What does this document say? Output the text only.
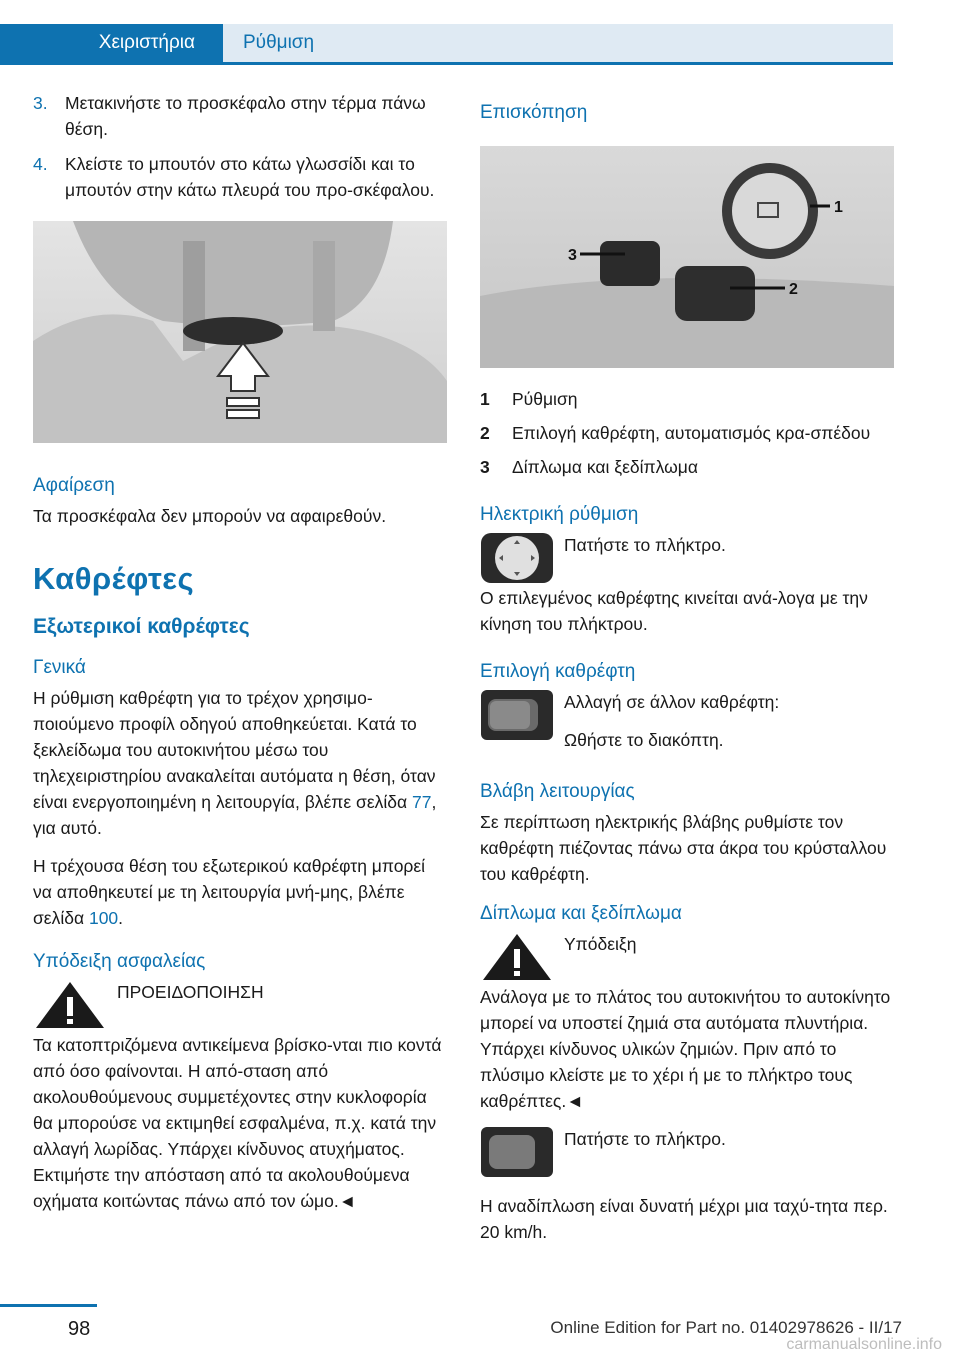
Χειριστήρια	Ρύθμιση
3. Μετακινήστε το προσκέφαλο στην τέρμα πάνω θέση.
4. Κλείστε το μπουτόν στο κάτω γλωσσίδι και το μπουτόν στην κάτω πλευρά του προ-σκέφαλου.
Αφαίρεση

Τα προσκέφαλα δεν μπορούν να αφαιρεθούν.

Καθρέφτες
Εξωτερικοί καθρέφτες
Γενικά

Η ρύθμιση καθρέφτη για το τρέχον χρησιμο-ποιούμενο προφίλ οδηγού αποθηκεύεται. Κατά το ξεκλείδωμα του αυτοκινήτου μέσω του τηλεχειριστηρίου ανακαλείται αυτόματα η θέση, όταν είναι ενεργοποιημένη η λειτουργία, βλέπε σελίδα 77, για αυτό.

Η τρέχουσα θέση του εξωτερικού καθρέφτη μπορεί να αποθηκευτεί με τη λειτουργία μνή-μης, βλέπε σελίδα 100.

Υπόδειξη ασφαλείας

ΠΡΟΕΙΔΟΠΟΙΗΣΗ

Τα κατοπτριζόμενα αντικείμενα βρίσκο-νται πιο κοντά από όσο φαίνονται. Η από-σταση από ακολουθούμενους συμμετέχοντες στην κυκλοφορία θα μπορούσε να εκτιμηθεί εσφαλμένα, π.χ. κατά την αλλαγή λωρίδας. Υπάρχει κίνδυνος ατυχήματος. Εκτιμήστε την απόσταση από τα ακολουθούμενα οχήματα κοιτώντας πάνω από τον ώμο.◄

Επισκόπηση
1
2
3
1	Ρύθμιση
2	Επιλογή καθρέφτη, αυτοματισμός κρα-σπέδου
3	Δίπλωμα και ξεδίπλωμα
Ηλεκτρική ρύθμιση

Πατήστε το πλήκτρο.

Ο επιλεγμένος καθρέφτης κινείται ανά-λογα με την κίνηση του πλήκτρου.

Επιλογή καθρέφτη

Αλλαγή σε άλλον καθρέφτη:

Ωθήστε το διακόπτη.

Βλάβη λειτουργίας

Σε περίπτωση ηλεκτρικής βλάβης ρυθμίστε τον καθρέφτη πιέζοντας πάνω στα άκρα του κρύσταλλου του καθρέφτη.

Δίπλωμα και ξεδίπλωμα

Υπόδειξη

Ανάλογα με το πλάτος του αυτοκινήτου το αυτοκίνητο μπορεί να υποστεί ζημιά στα αυτόματα πλυντήρια. Υπάρχει κίνδυνος υλικών ζημιών. Πριν από το πλύσιμο κλείστε με το χέρι ή με το πλήκτρο τους καθρέπτες.◄

Πατήστε το πλήκτρο.

Η αναδίπλωση είναι δυνατή μέχρι μια ταχύ-τητα περ. 20 km/h.

98	Online Edition for Part no. 01402978626 - II/17
carmanualsonline.info
